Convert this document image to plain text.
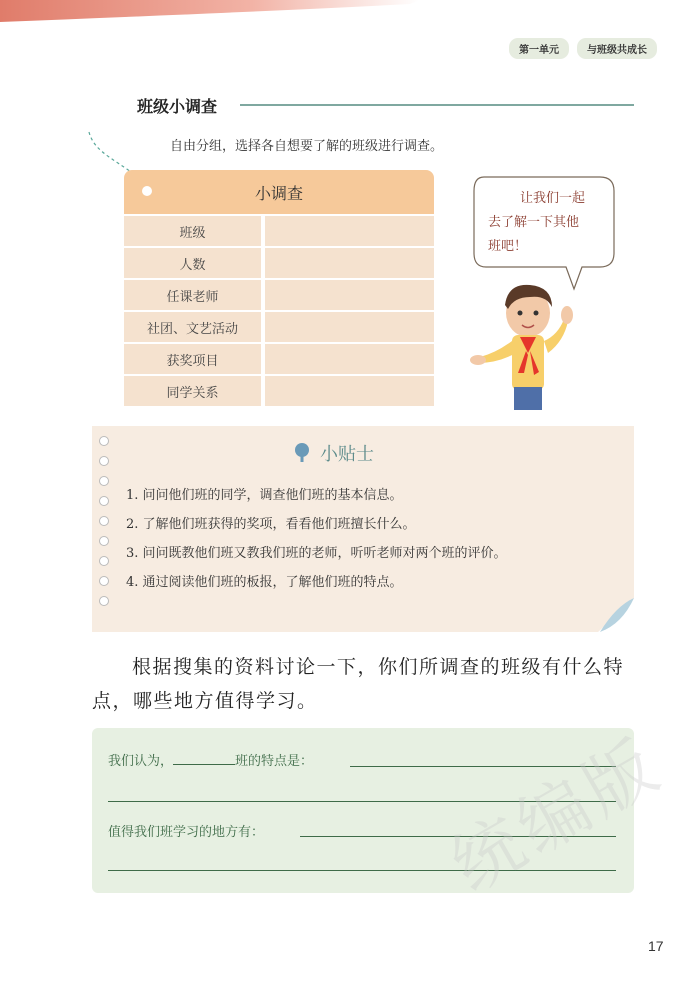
第一单元	与班级共成长
班级小调查
自由分组，选择各自想要了解的班级进行调查。
小调查
班级
人数
任课老师
社团、文艺活动
获奖项目
同学关系
让我们一起
去了解一下其他
班吧！
小贴士
1. 问问他们班的同学，调查他们班的基本信息。
2. 了解他们班获得的奖项，看看他们班擅长什么。
3. 问问既教他们班又教我们班的老师，听听老师对两个班的评价。
4. 通过阅读他们班的板报，了解他们班的特点。

根据搜集的资料讨论一下，你们所调查的班级有什么特点，哪些地方值得学习。

我们认为，	班的特点是：
值得我们班学习的地方有： 统编版
17
